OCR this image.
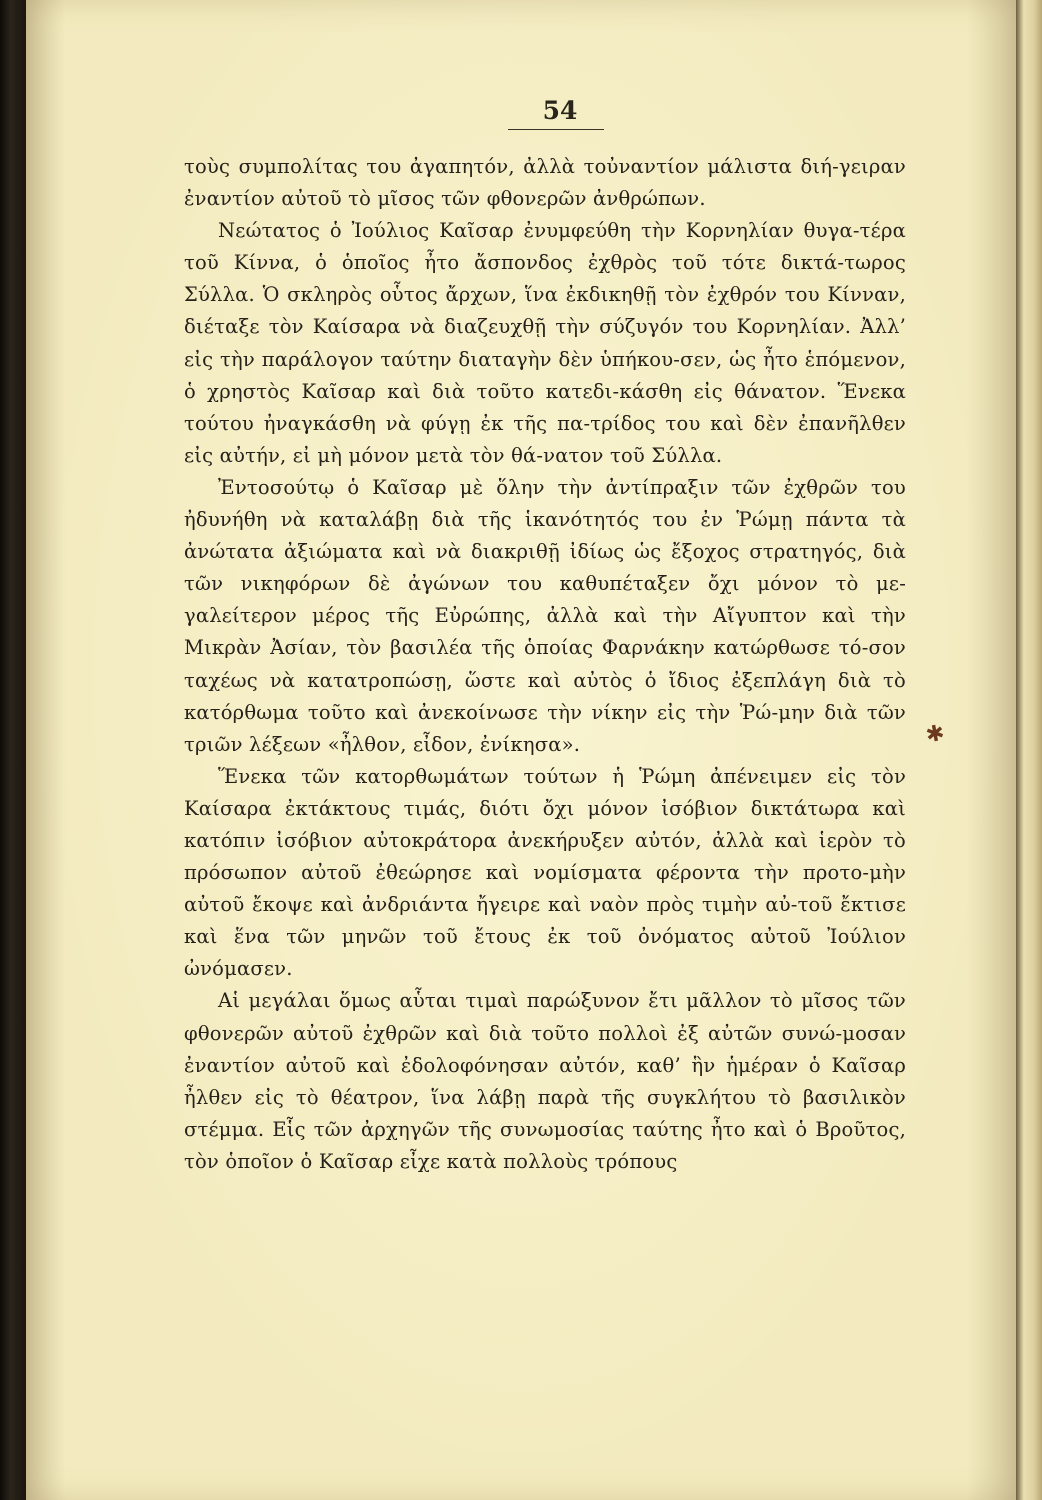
54

τοὺς συμπολίτας του ἀγαπητόν, ἀλλὰ τοὐναντίον μάλιστα διή-γειραν ἐναντίον αὐτοῦ τὸ μῖσος τῶν φθονερῶν ἀνθρώπων.

Νεώτατος ὁ Ἰούλιος Καῖσαρ ἐνυμφεύθη τὴν Κορνηλίαν θυγα-τέρα τοῦ Κίννα, ὁ ὁποῖος ἦτο ἄσπονδος ἐχθρὸς τοῦ τότε δικτά-τωρος Σύλλα. Ὁ σκληρὸς οὗτος ἄρχων, ἵνα ἐκδικηθῇ τὸν ἐχθρόν του Κίνναν, διέταξε τὸν Καίσαρα νὰ διαζευχθῇ τὴν σύζυγόν του Κορνηλίαν. Ἀλλ’ εἰς τὴν παράλογον ταύτην διαταγὴν δὲν ὑπήκου-σεν, ὡς ἦτο ἑπόμενον, ὁ χρηστὸς Καῖσαρ καὶ διὰ τοῦτο κατεδι-κάσθη εἰς θάνατον. Ἕνεκα τούτου ἠναγκάσθη νὰ φύγῃ ἐκ τῆς πα-τρίδος του καὶ δὲν ἐπανῆλθεν εἰς αὐτήν, εἰ μὴ μόνον μετὰ τὸν θά-νατον τοῦ Σύλλα.

Ἐντοσούτῳ ὁ Καῖσαρ μὲ ὅλην τὴν ἀντίπραξιν τῶν ἐχθρῶν του ἠδυνήθη νὰ καταλάβῃ διὰ τῆς ἱκανότητός του ἐν Ῥώμῃ πάντα τὰ ἀνώτατα ἀξιώματα καὶ νὰ διακριθῇ ἰδίως ὡς ἔξοχος στρατηγός, διὰ τῶν νικηφόρων δὲ ἀγώνων του καθυπέταξεν ὄχι μόνον τὸ με-γαλείτερον μέρος τῆς Εὐρώπης, ἀλλὰ καὶ τὴν Αἴγυπτον καὶ τὴν Μικρὰν Ἀσίαν, τὸν βασιλέα τῆς ὁποίας Φαρνάκην κατώρθωσε τό-σον ταχέως νὰ κατατροπώσῃ, ὥστε καὶ αὐτὸς ὁ ἴδιος ἐξεπλάγη διὰ τὸ κατόρθωμα τοῦτο καὶ ἀνεκοίνωσε τὴν νίκην εἰς τὴν Ῥώ-μην διὰ τῶν τριῶν λέξεων «ἦλθον, εἶδον, ἐνίκησα».

Ἕνεκα τῶν κατορθωμάτων τούτων ἡ Ῥώμη ἀπένειμεν εἰς τὸν Καίσαρα ἐκτάκτους τιμάς, διότι ὄχι μόνον ἰσόβιον δικτάτωρα καὶ κατόπιν ἰσόβιον αὐτοκράτορα ἀνεκήρυξεν αὐτόν, ἀλλὰ καὶ ἱερὸν τὸ πρόσωπον αὐτοῦ ἐθεώρησε καὶ νομίσματα φέροντα τὴν προτο-μὴν αὐτοῦ ἔκοψε καὶ ἀνδριάντα ἤγειρε καὶ ναὸν πρὸς τιμὴν αὐ-τοῦ ἔκτισε καὶ ἕνα τῶν μηνῶν τοῦ ἔτους ἐκ τοῦ ὀνόματος αὐτοῦ Ἰούλιον ὠνόμασεν.

Αἱ μεγάλαι ὅμως αὗται τιμαὶ παρώξυνον ἔτι μᾶλλον τὸ μῖσος τῶν φθονερῶν αὐτοῦ ἐχθρῶν καὶ διὰ τοῦτο πολλοὶ ἐξ αὐτῶν συνώ-μοσαν ἐναντίον αὐτοῦ καὶ ἐδολοφόνησαν αὐτόν, καθ’ ἣν ἡμέραν ὁ Καῖσαρ ἦλθεν εἰς τὸ θέατρον, ἵνα λάβῃ παρὰ τῆς συγκλήτου τὸ βασιλικὸν στέμμα. Εἷς τῶν ἀρχηγῶν τῆς συνωμοσίας ταύτης ἦτο καὶ ὁ Βροῦτος, τὸν ὁποῖον ὁ Καῖσαρ εἶχε κατὰ πολλοὺς τρόπους

✱
